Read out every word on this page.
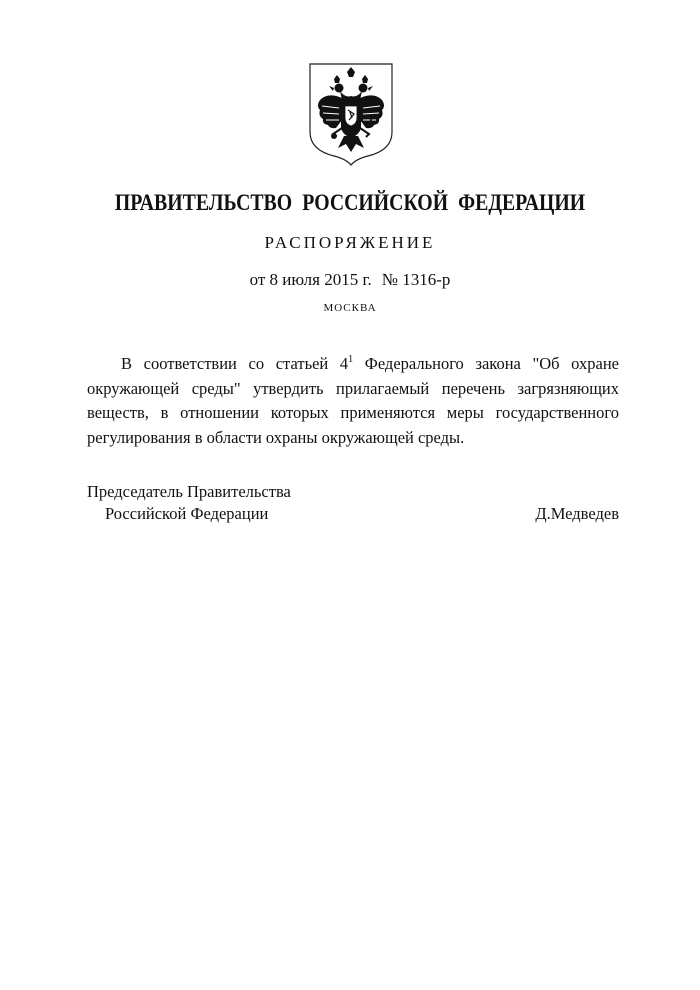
ПРАВИТЕЛЬСТВО РОССИЙСКОЙ ФЕДЕРАЦИИ
РАСПОРЯЖЕНИЕ
от 8 июля 2015 г. № 1316-р
МОСКВА

В соответствии со статьей $4^1$ Федерального закона "Об охране окружающей среды" утвердить прилагаемый перечень загрязняющих веществ, в отношении которых применяются меры государственного регулирования в области охраны окружающей среды.

Председатель Правительства
Российской Федерации	Д.Медведев
